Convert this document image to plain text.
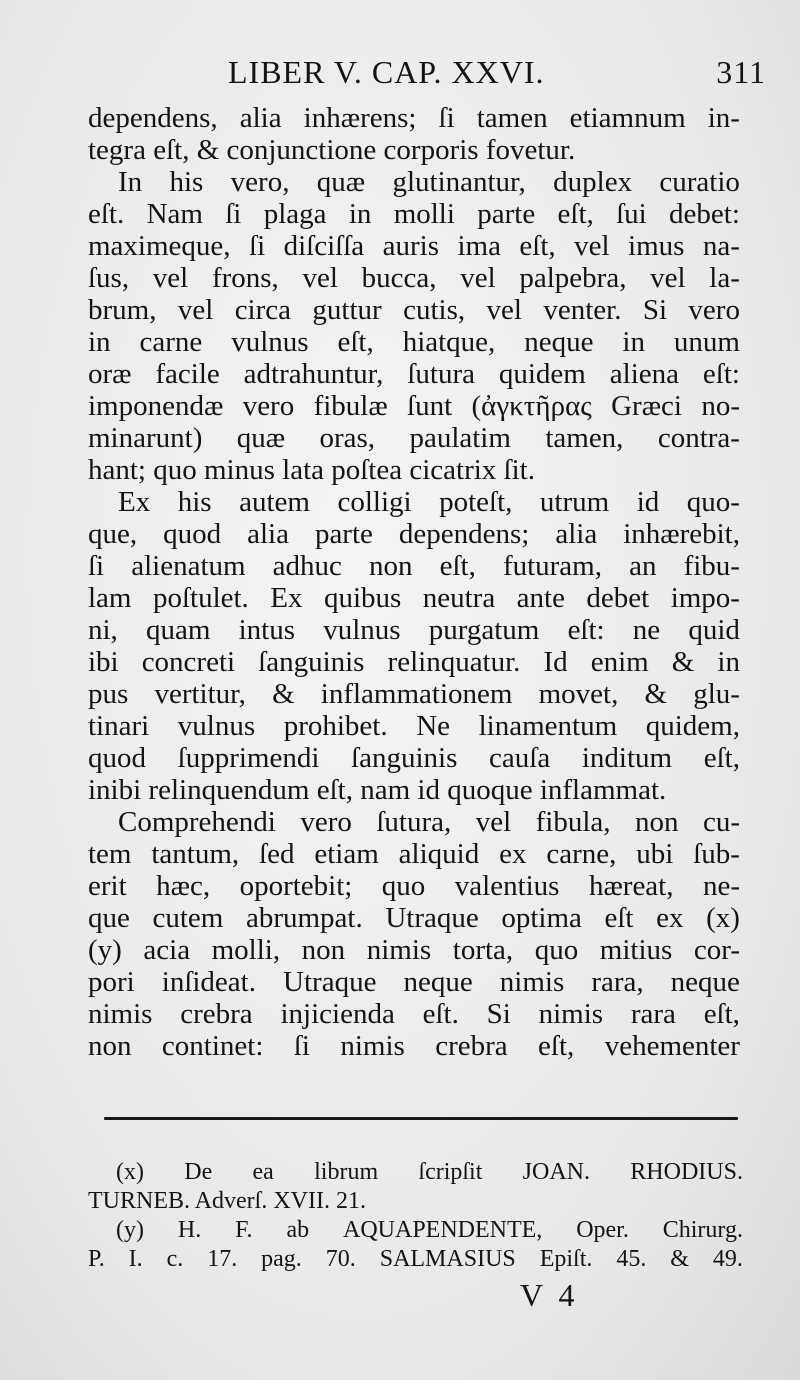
LIBER V. CAP. XXVI.	311
dependens, alia inhærens; ſi tamen etiamnum in-
tegra eſt, & conjunctione corporis fovetur.
In his vero, quæ glutinantur, duplex curatio
eſt. Nam ſi plaga in molli parte eſt, ſui debet:
maximeque, ſi diſciſſa auris ima eſt, vel imus na-
ſus, vel frons, vel bucca, vel palpebra, vel la-
brum, vel circa guttur cutis, vel venter. Si vero
in carne vulnus eſt, hiatque, neque in unum
oræ facile adtrahuntur, ſutura quidem aliena eſt:
imponendæ vero fibulæ ſunt (ἀγκτῆρας Græci no-
minarunt) quæ oras, paulatim tamen, contra-
hant; quo minus lata poſtea cicatrix ſit.
Ex his autem colligi poteſt, utrum id quo-
que, quod alia parte dependens; alia inhærebit,
ſi alienatum adhuc non eſt, futuram, an fibu-
lam poſtulet. Ex quibus neutra ante debet impo-
ni, quam intus vulnus purgatum eſt: ne quid
ibi concreti ſanguinis relinquatur. Id enim & in
pus vertitur, & inflammationem movet, & glu-
tinari vulnus prohibet. Ne linamentum quidem,
quod ſupprimendi ſanguinis cauſa inditum eſt,
inibi relinquendum eſt, nam id quoque inflammat.
Comprehendi vero ſutura, vel fibula, non cu-
tem tantum, ſed etiam aliquid ex carne, ubi ſub-
erit hæc, oportebit; quo valentius hæreat, ne-
que cutem abrumpat. Utraque optima eſt ex (x)
(y) acia molli, non nimis torta, quo mitius cor-
pori inſideat. Utraque neque nimis rara, neque
nimis crebra injicienda eſt. Si nimis rara eſt,
non continet: ſi nimis crebra eſt, vehementer
(x) De ea librum ſcripſit JOAN. RHODIUS.
TURNEB. Adverſ. XVII. 21.
(y) H. F. ab AQUAPENDENTE, Oper. Chirurg.
P. I. c. 17. pag. 70. SALMASIUS Epiſt. 45. & 49.
V 4
